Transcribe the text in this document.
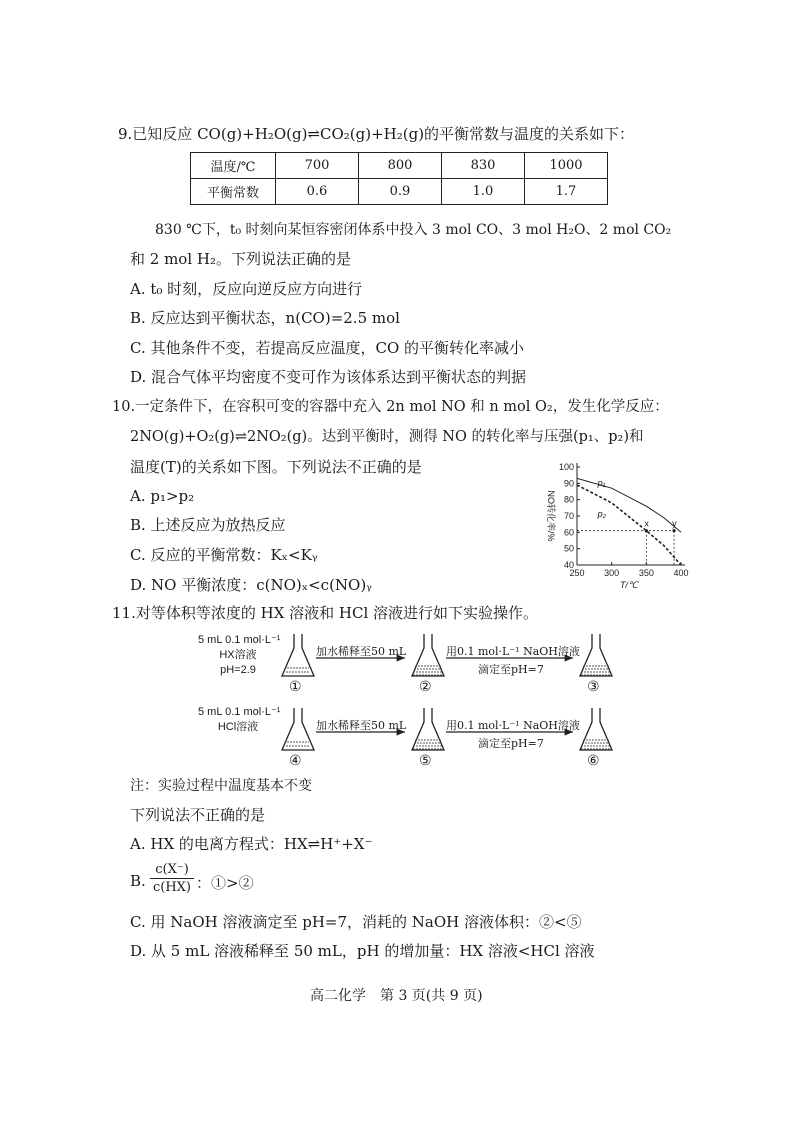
9.已知反应 CO(g)+H₂O(g)⇌CO₂(g)+H₂(g)的平衡常数与温度的关系如下：
温度/℃	700	800	830	1000
平衡常数	0.6	0.9	1.0	1.7
830 ℃下，t₀ 时刻向某恒容密闭体系中投入 3 mol CO、3 mol H₂O、2 mol CO₂
和 2 mol H₂。下列说法正确的是
A. t₀ 时刻，反应向逆反应方向进行
B. 反应达到平衡状态，n(CO)=2.5 mol
C. 其他条件不变，若提高反应温度，CO 的平衡转化率减小
D. 混合气体平均密度不变可作为该体系达到平衡状态的判据
10.一定条件下，在容积可变的容器中充入 2n mol NO 和 n mol O₂，发生化学反应：
2NO(g)+O₂(g)⇌2NO₂(g)。达到平衡时，测得 NO 的转化率与压强(p₁、p₂)和
温度(T)的关系如下图。下列说法不正确的是
A. p₁>p₂
B. 上述反应为放热反应
C. 反应的平衡常数：Kₓ<Kᵧ
D. NO 平衡浓度：c(NO)ₓ<c(NO)ᵧ
40
50
60
70
80
90
100
250 300 350 400
T/℃
NO转化率/%
p₁
p₂
x	y
11.对等体积等浓度的 HX 溶液和 HCl 溶液进行如下实验操作。
5 mL 0.1 mol·L⁻¹
HX溶液
pH=2.9
5 mL 0.1 mol·L⁻¹
HCl溶液
加水稀释至50 mL	用0.1 mol·L⁻¹ NaOH溶液
滴定至pH=7
加水稀释至50 mL	用0.1 mol·L⁻¹ NaOH溶液
滴定至pH=7
①	②	③
④	⑤	⑥
注：实验过程中温度基本不变
下列说法不正确的是
A. HX 的电离方程式：HX⇌H⁺+X⁻
B.
c(X⁻)
c(HX) ：①>②
C. 用 NaOH 溶液滴定至 pH=7，消耗的 NaOH 溶液体积：②<⑤
D. 从 5 mL 溶液稀释至 50 mL，pH 的增加量：HX 溶液<HCl 溶液
高二化学　第 3 页(共 9 页)
